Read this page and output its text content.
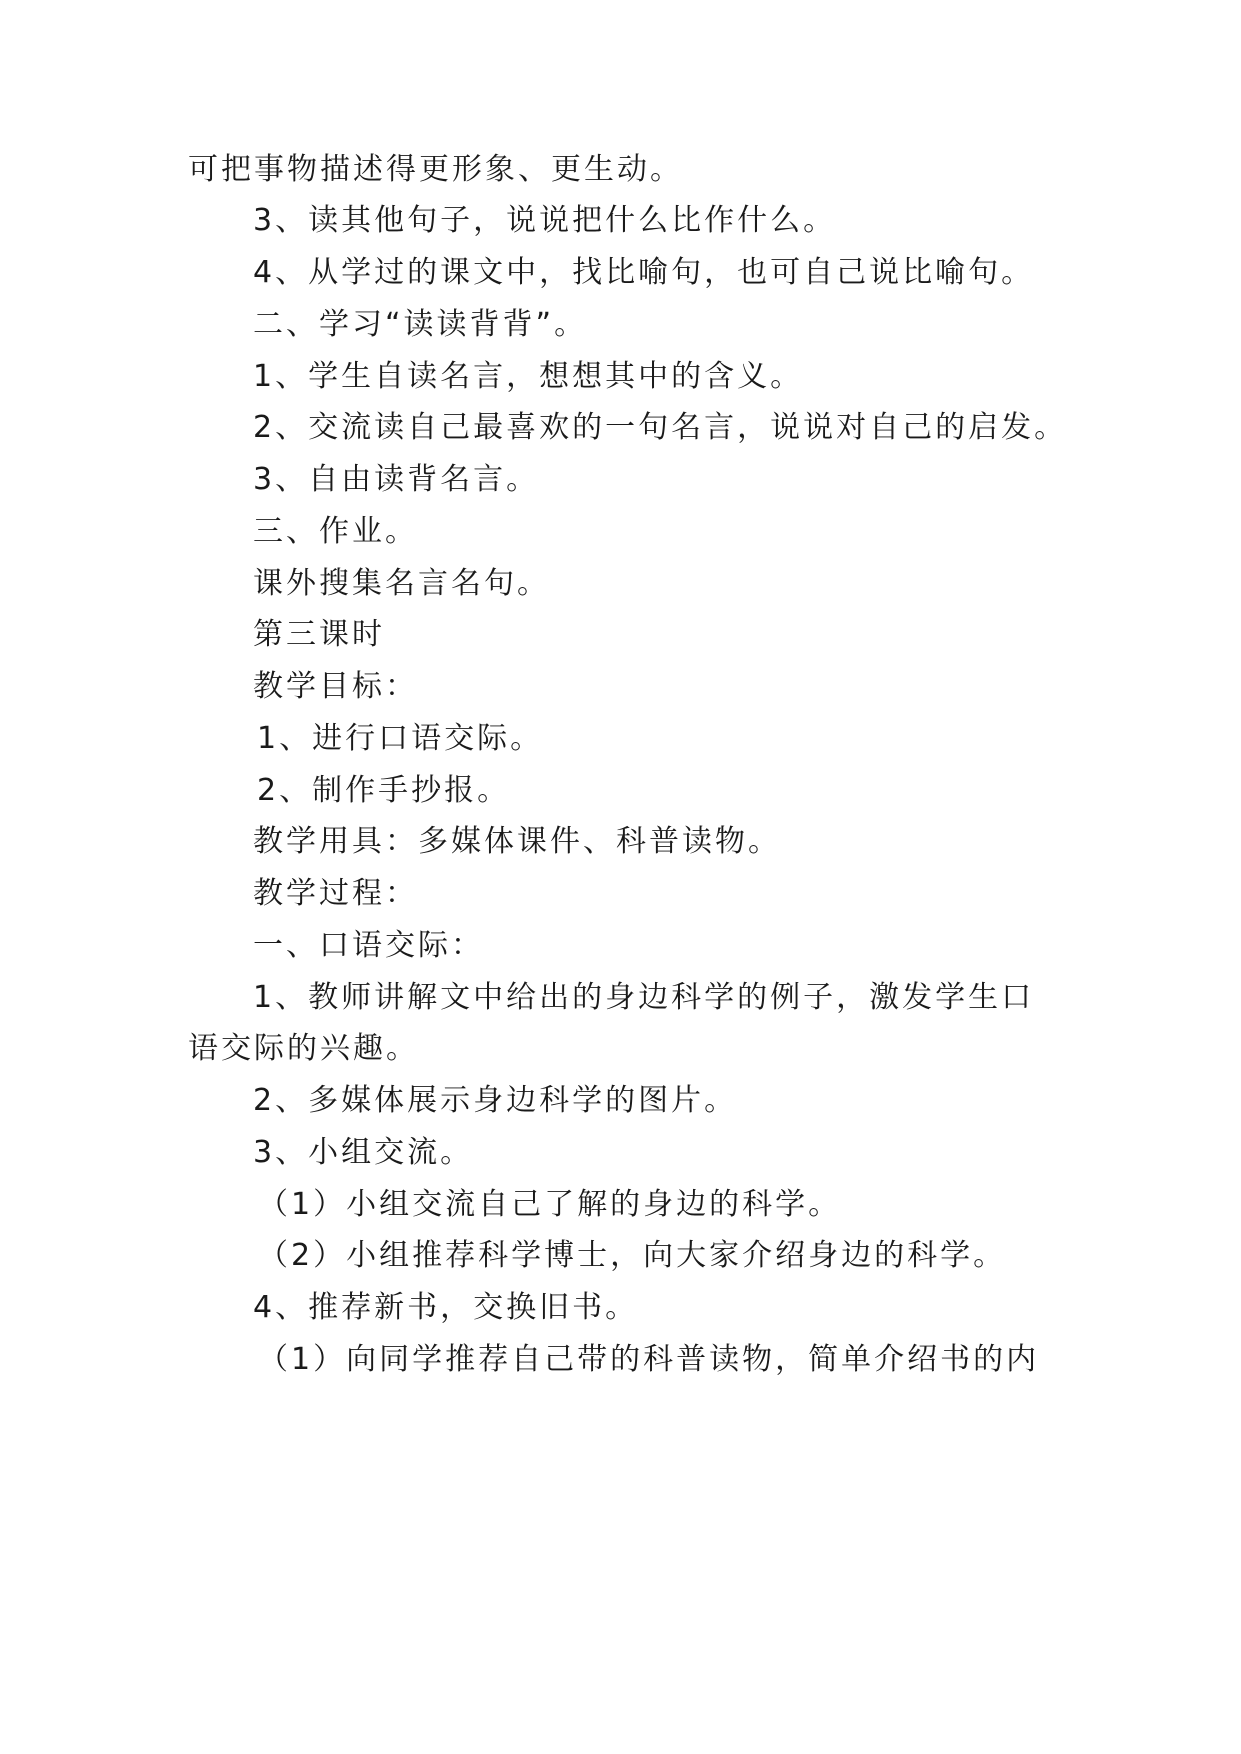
可把事物描述得更形象、更生动。
3、读其他句子，说说把什么比作什么。
4、从学过的课文中，找比喻句，也可自己说比喻句。
二、学习“读读背背”。
1、学生自读名言，想想其中的含义。
2、交流读自己最喜欢的一句名言，说说对自己的启发。
3、自由读背名言。
三、作业。
课外搜集名言名句。
第三课时
教学目标：
1、进行口语交际。
2、制作手抄报。
教学用具：多媒体课件、科普读物。
教学过程：
一、口语交际：
1、教师讲解文中给出的身边科学的例子，激发学生口
语交际的兴趣。
2、多媒体展示身边科学的图片。
3、小组交流。
（1）小组交流自己了解的身边的科学。
（2）小组推荐科学博士，向大家介绍身边的科学。
4、推荐新书，交换旧书。
（1）向同学推荐自己带的科普读物，简单介绍书的内
